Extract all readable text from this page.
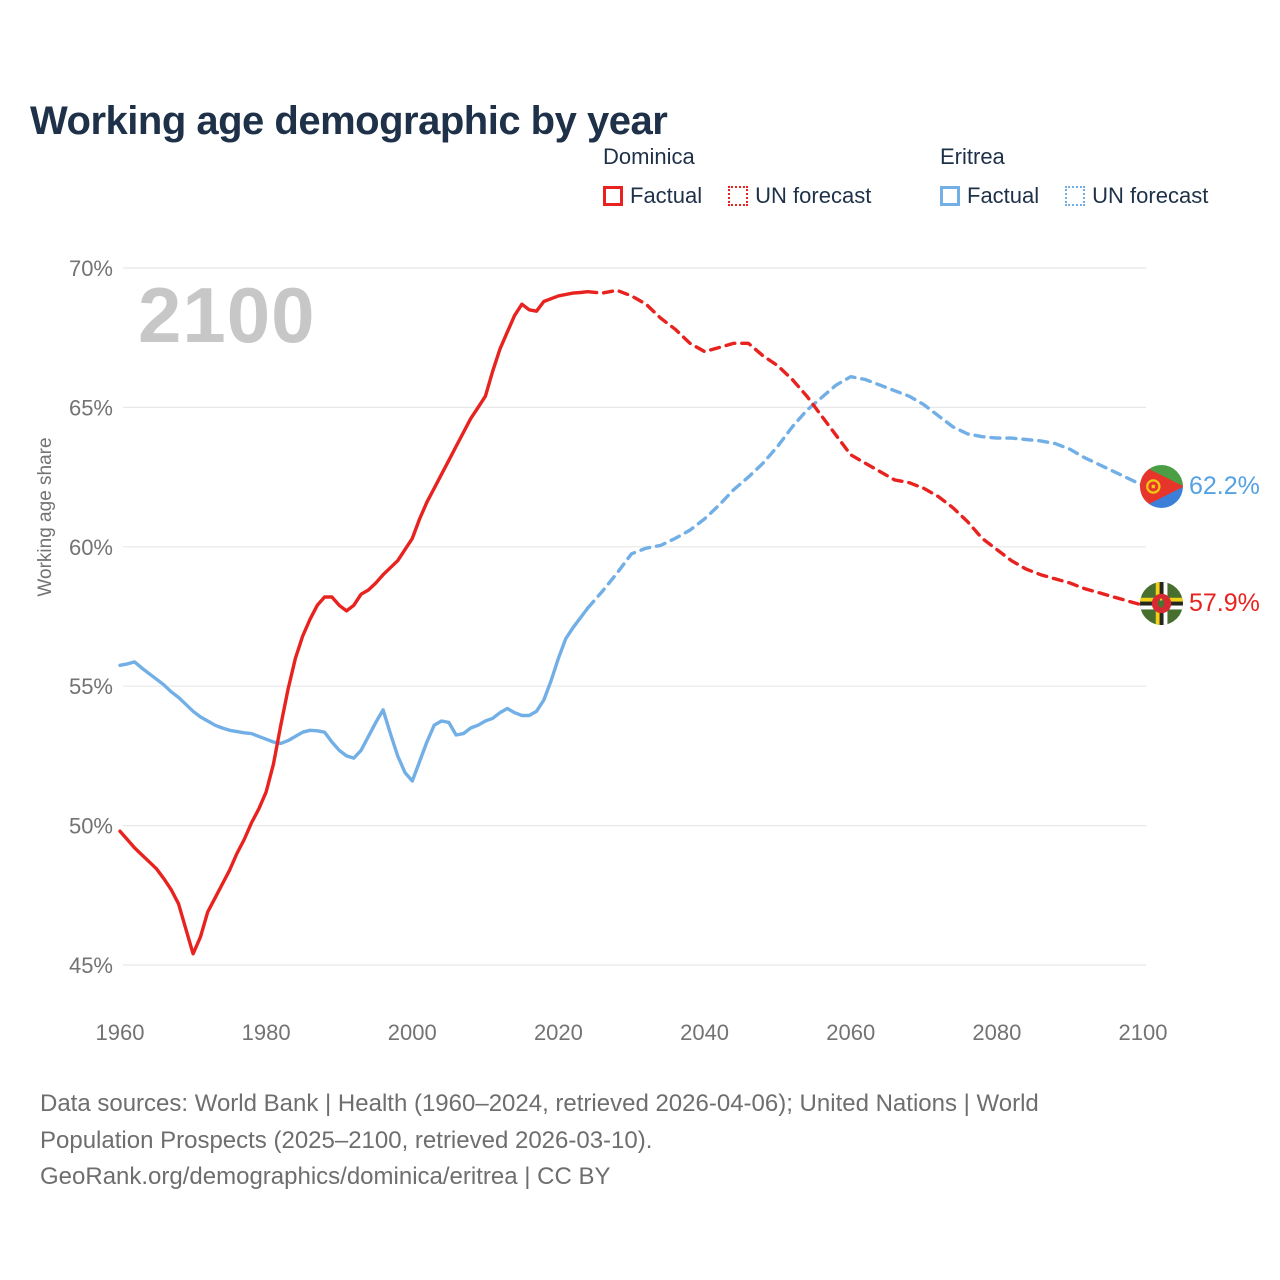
70%
65%
60%
55%
50%
45%
1960	1980	2000	2020	2040	2060	2080	2100
Working age demographic by year
Dominica
Factual UN forecast
Eritrea
Factual UN forecast
2100
Working age share	62.2%
57.9%
Data sources: World Bank | Health (1960–2024, retrieved 2026-04-06); United Nations | World
Population Prospects (2025–2100, retrieved 2026-03-10).
GeoRank.org/demographics/dominica/eritrea | CC BY
